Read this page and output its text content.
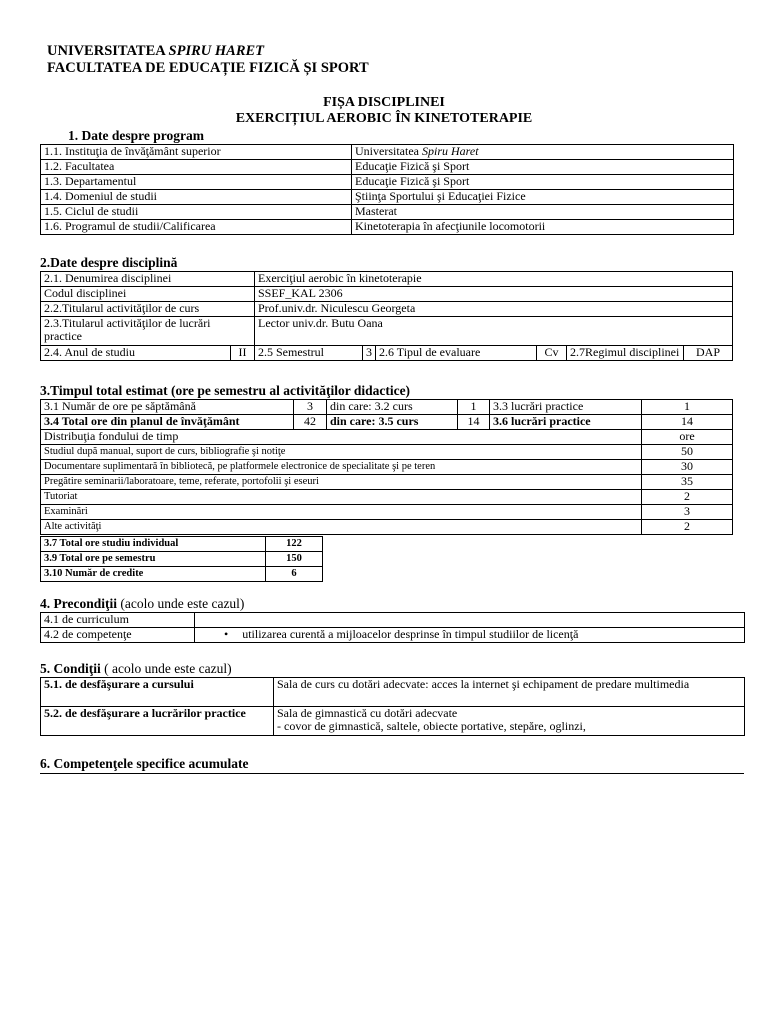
UNIVERSITATEA SPIRU HARET
FACULTATEA DE EDUCAȚIE FIZICĂ ȘI SPORT
FIȘA DISCIPLINEI
EXERCIȚIUL AEROBIC ÎN KINETOTERAPIE
1. Date despre program
1.1. Instituţia de învăţământ superior	Universitatea Spiru Haret
1.2. Facultatea	Educaţie Fizică şi Sport
1.3. Departamentul	Educaţie Fizică şi Sport
1.4. Domeniul de studii	Ştiinţa Sportului şi Educaţiei Fizice
1.5. Ciclul de studii	Masterat
1.6. Programul de studii/Calificarea	Kinetoterapia în afecţiunile locomotorii
2.Date despre disciplină
2.1. Denumirea disciplinei		Exerciţiul aerobic în kinetoterapie					
Codul disciplinei		SSEF_KAL 2306					
2.2.Titularul activităţilor de curs		Prof.univ.dr. Niculescu Georgeta					
2.3.Titularul activităţilor de lucrări practice		Lector univ.dr. Butu Oana					
2.4. Anul de studiu	II	2.5 Semestrul	3	2.6 Tipul de evaluare	Cv	2.7Regimul disciplinei	DAP
3.Timpul total estimat (ore pe semestru al activităţilor didactice)
3.1 Număr de ore pe săptămână	3	din care: 3.2 curs	1	3.3 lucrări practice	1
3.4 Total ore din planul de învăţământ	42	din care: 3.5 curs	14	3.6 lucrări practice	14
Distribuţia fondului de timp					ore
Studiul după manual, suport de curs, bibliografie şi notiţe					50
Documentare suplimentară în bibliotecă, pe platformele electronice de specialitate şi pe teren					30
Pregătire seminarii/laboratoare, teme, referate, portofolii şi eseuri					35
Tutoriat					2
Examinări					3
Alte activităţi					2
3.7 Total ore studiu individual	122
3.9 Total ore pe semestru	150
3.10 Număr de credite	6
4. Precondiţii (acolo unde este cazul)
4.1 de curriculum	
4.2 de competenţe	• utilizarea curentă a mijloacelor desprinse în timpul studiilor de licenţă
5. Condiţii ( acolo unde este cazul)
5.1. de desfăşurare a cursului	Sala de curs cu dotări adecvate: acces la internet şi echipament de predare multimedia
5.2. de desfăşurare a lucrărilor practice	Sala de gimnastică cu dotări adecvate
- covor de gimnastică, saltele, obiecte portative, stepăre, oglinzi,
6. Competenţele specifice acumulate
